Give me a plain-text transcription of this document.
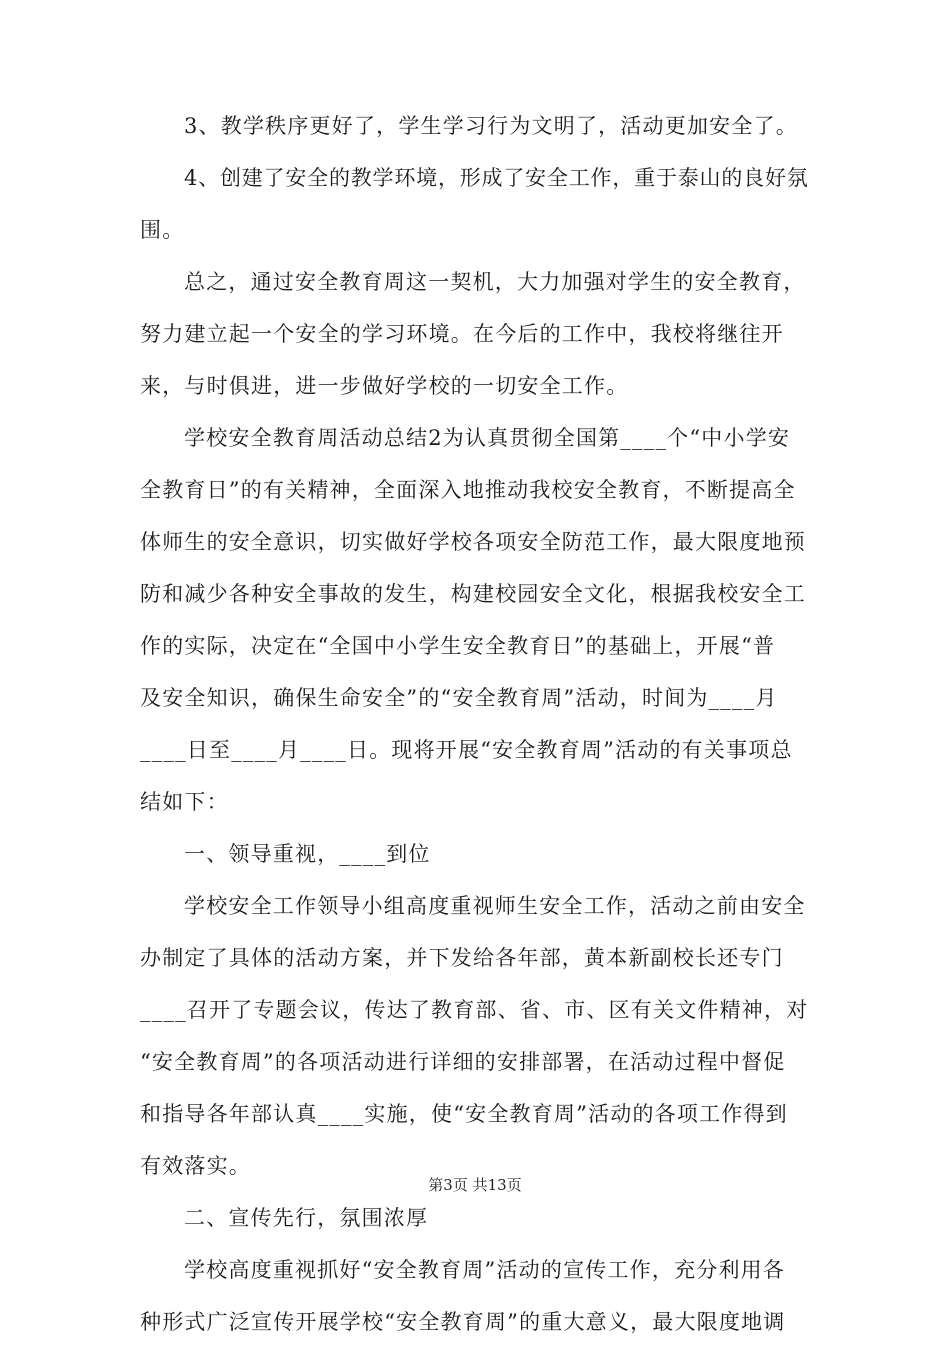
3、教学秩序更好了，学生学习行为文明了，活动更加安全了。
4、创建了安全的教学环境，形成了安全工作，重于泰山的良好氛
围。
总之，通过安全教育周这一契机，大力加强对学生的安全教育，
努力建立起一个安全的学习环境。在今后的工作中，我校将继往开
来，与时俱进，进一步做好学校的一切安全工作。
学校安全教育周活动总结2为认真贯彻全国第____个“中小学安
全教育日”的有关精神，全面深入地推动我校安全教育，不断提高全
体师生的安全意识，切实做好学校各项安全防范工作，最大限度地预
防和减少各种安全事故的发生，构建校园安全文化，根据我校安全工
作的实际，决定在“全国中小学生安全教育日”的基础上，开展“普
及安全知识，确保生命安全”的“安全教育周”活动，时间为____月
____日至____月____日。现将开展“安全教育周”活动的有关事项总
结如下：
一、领导重视，____到位
学校安全工作领导小组高度重视师生安全工作，活动之前由安全
办制定了具体的活动方案，并下发给各年部，黄本新副校长还专门
____召开了专题会议，传达了教育部、省、市、区有关文件精神，对
“安全教育周”的各项活动进行详细的安排部署，在活动过程中督促
和指导各年部认真____实施，使“安全教育周”活动的各项工作得到
有效落实。
二、宣传先行，氛围浓厚
学校高度重视抓好“安全教育周”活动的宣传工作，充分利用各
种形式广泛宣传开展学校“安全教育周”的重大意义，最大限度地调
第3页 共13页
